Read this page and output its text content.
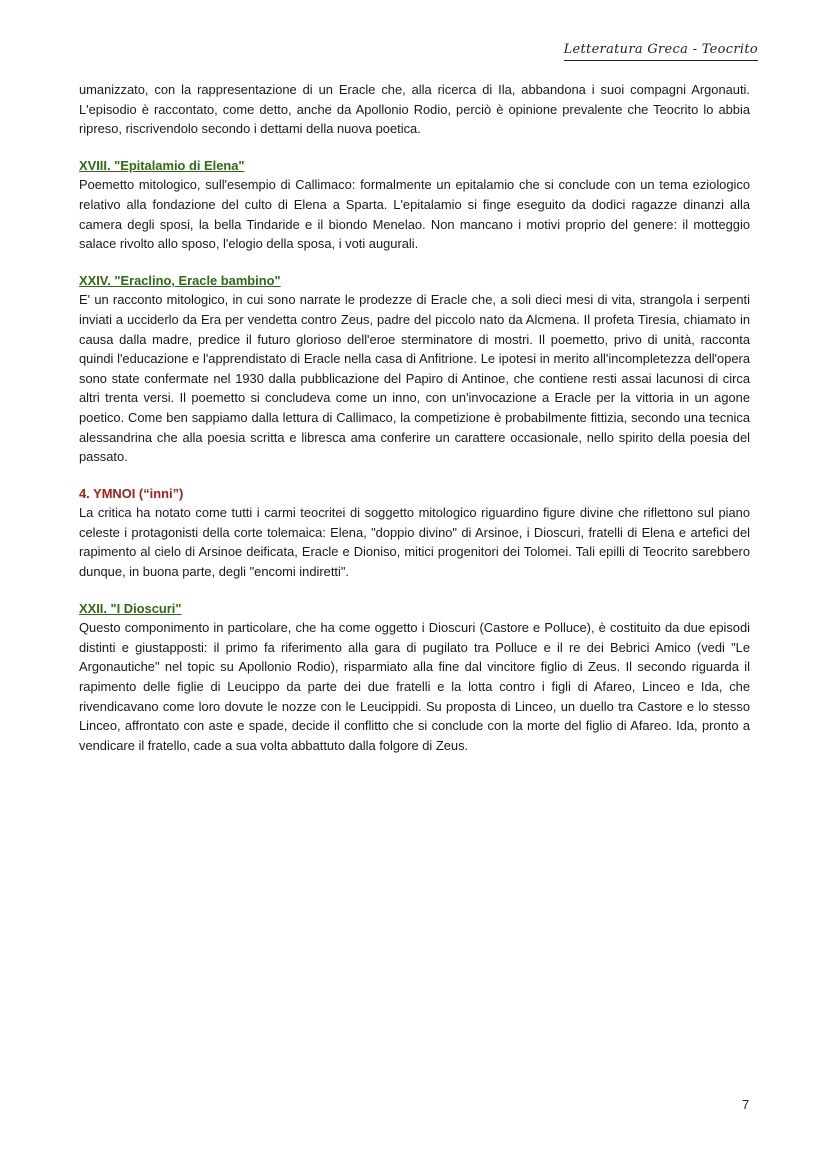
Letteratura Greca - Teocrito

umanizzato, con la rappresentazione di un Eracle che, alla ricerca di Ila, abbandona i suoi compagni Argonauti. L'episodio è raccontato, come detto, anche da Apollonio Rodio, perciò è opinione prevalente che Teocrito lo abbia ripreso, riscrivendolo secondo i dettami della nuova poetica.

XVIII. "Epitalamio di Elena"

Poemetto mitologico, sull'esempio di Callimaco: formalmente un epitalamio che si conclude con un tema eziologico relativo alla fondazione del culto di Elena a Sparta. L'epitalamio si finge eseguito da dodici ragazze dinanzi alla camera degli sposi, la bella Tindaride e il biondo Menelao. Non mancano i motivi proprio del genere: il motteggio salace rivolto allo sposo, l'elogio della sposa, i voti augurali.

XXIV. "Eraclino, Eracle bambino"

E' un racconto mitologico, in cui sono narrate le prodezze di Eracle che, a soli dieci mesi di vita, strangola i serpenti inviati a ucciderlo da Era per vendetta contro Zeus, padre del piccolo nato da Alcmena. Il profeta Tiresia, chiamato in causa dalla madre, predice il futuro glorioso dell'eroe sterminatore di mostri. Il poemetto, privo di unità, racconta quindi l'educazione e l'apprendistato di Eracle nella casa di Anfitrione. Le ipotesi in merito all'incompletezza dell'opera sono state confermate nel 1930 dalla pubblicazione del Papiro di Antinoe, che contiene resti assai lacunosi di circa altri trenta versi. Il poemetto si concludeva come un inno, con un'invocazione a Eracle per la vittoria in un agone poetico. Come ben sappiamo dalla lettura di Callimaco, la competizione è probabilmente fittizia, secondo una tecnica alessandrina che alla poesia scritta e libresca ama conferire un carattere occasionale, nello spirito della poesia del passato.

4. YMNOI (“inni”)

La critica ha notato come tutti i carmi teocritei di soggetto mitologico riguardino figure divine che riflettono sul piano celeste i protagonisti della corte tolemaica: Elena, "doppio divino" di Arsinoe, i Dioscuri, fratelli di Elena e artefici del rapimento al cielo di Arsinoe deificata, Eracle e Dioniso, mitici progenitori dei Tolomei. Tali epilli di Teocrito sarebbero dunque, in buona parte, degli "encomi indiretti".

XXII. "I Dioscuri"

Questo componimento in particolare, che ha come oggetto i Dioscuri (Castore e Polluce), è costituito da due episodi distinti e giustapposti: il primo fa riferimento alla gara di pugilato tra Polluce e il re dei Bebrici Amico (vedi "Le Argonautiche" nel topic su Apollonio Rodio), risparmiato alla fine dal vincitore figlio di Zeus. Il secondo riguarda il rapimento delle figlie di Leucippo da parte dei due fratelli e la lotta contro i figli di Afareo, Linceo e Ida, che rivendicavano come loro dovute le nozze con le Leucippidi. Su proposta di Linceo, un duello tra Castore e lo stesso Linceo, affrontato con aste e spade, decide il conflitto che si conclude con la morte del figlio di Afareo. Ida, pronto a vendicare il fratello, cade a sua volta abbattuto dalla folgore di Zeus.

7
